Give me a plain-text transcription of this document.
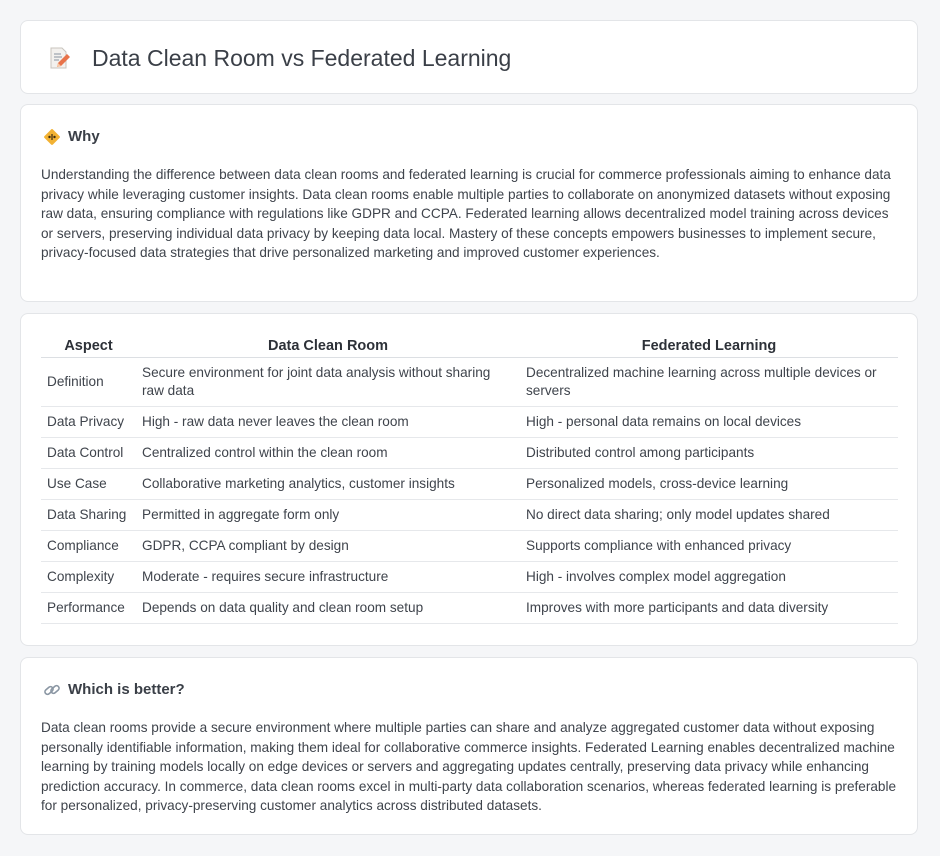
Data Clean Room vs Federated Learning
Why

Understanding the difference between data clean rooms and federated learning is crucial for commerce professionals aiming to enhance data privacy while leveraging customer insights. Data clean rooms enable multiple parties to collaborate on anonymized datasets without exposing raw data, ensuring compliance with regulations like GDPR and CCPA. Federated learning allows decentralized model training across devices or servers, preserving individual data privacy by keeping data local. Mastery of these concepts empowers businesses to implement secure, privacy-focused data strategies that drive personalized marketing and improved customer experiences.

Aspect	Data Clean Room	Federated Learning
Definition	Secure environment for joint data analysis without sharing raw data	Decentralized machine learning across multiple devices or servers
Data Privacy	High - raw data never leaves the clean room	High - personal data remains on local devices
Data Control	Centralized control within the clean room	Distributed control among participants
Use Case	Collaborative marketing analytics, customer insights	Personalized models, cross-device learning
Data Sharing	Permitted in aggregate form only	No direct data sharing; only model updates shared
Compliance	GDPR, CCPA compliant by design	Supports compliance with enhanced privacy
Complexity	Moderate - requires secure infrastructure	High - involves complex model aggregation
Performance	Depends on data quality and clean room setup	Improves with more participants and data diversity
Which is better?

Data clean rooms provide a secure environment where multiple parties can share and analyze aggregated customer data without exposing personally identifiable information, making them ideal for collaborative commerce insights. Federated Learning enables decentralized machine learning by training models locally on edge devices or servers and aggregating updates centrally, preserving data privacy while enhancing prediction accuracy. In commerce, data clean rooms excel in multi-party data collaboration scenarios, whereas federated learning is preferable for personalized, privacy-preserving customer analytics across distributed datasets.
